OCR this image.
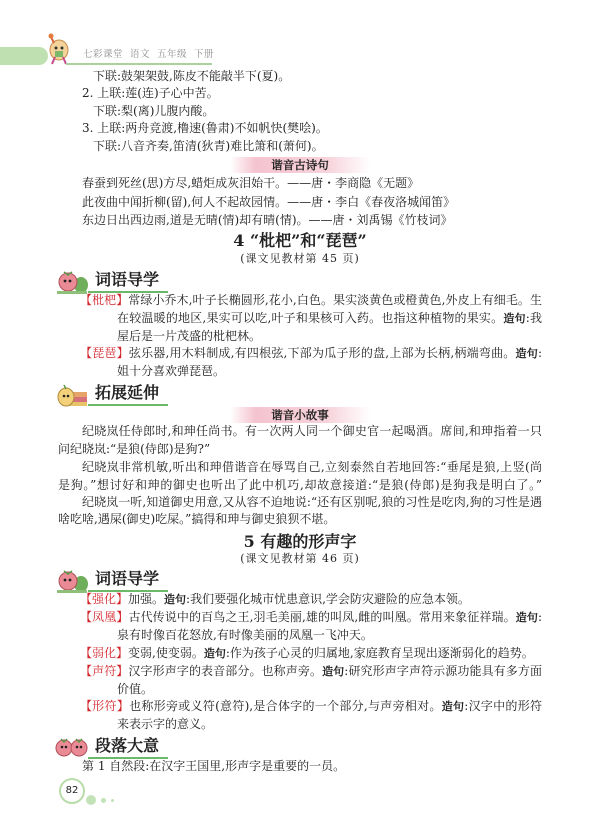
七彩课堂 语文 五年级 下册
下联:鼓架架鼓,陈皮不能敲半下(夏)。
2. 上联:莲(连)子心中苦。
下联:梨(离)儿腹内酸。
3. 上联:两舟竞渡,橹速(鲁肃)不如帆快(樊哙)。
下联:八音齐奏,笛清(狄青)难比箫和(萧何)。
谐音古诗句
春蚕到死丝(思)方尽,蜡炬成灰泪始干。——唐・李商隐《无题》
此夜曲中闻折柳(留),何人不起故园情。——唐・李白《春夜洛城闻笛》
东边日出西边雨,道是无晴(情)却有晴(情)。——唐・刘禹锡《竹枝词》
4 “枇杷”和“琵琶”
(课文见教材第 45 页)
词语导学
【枇杷】常绿小乔木,叶子长椭圆形,花小,白色。果实淡黄色或橙黄色,外皮上有细毛。生
在较温暖的地区,果实可以吃,叶子和果核可入药。也指这种植物的果实。造句:我
屋后是一片茂盛的枇杷林。
【琵琶】弦乐器,用木料制成,有四根弦,下部为瓜子形的盘,上部为长柄,柄端弯曲。造句:
姐十分喜欢弹琵琶。
拓展延伸
谐音小故事
纪晓岚任侍郎时,和珅任尚书。有一次两人同一个御史官一起喝酒。席间,和珅指着一只
问纪晓岚:“是狼(侍郎)是狗?”
纪晓岚非常机敏,听出和珅借谐音在辱骂自己,立刻泰然自若地回答:“垂尾是狼,上竖(尚
是狗。”想讨好和珅的御史也听出了此中机巧,却故意接道:“是狼(侍郎)是狗我是明白了。”
纪晓岚一听,知道御史用意,又从容不迫地说:“还有区别呢,狼的习性是吃肉,狗的习性是遇
啥吃啥,遇屎(御史)吃屎。”搞得和珅与御史狼狈不堪。
5 有趣的形声字
(课文见教材第 46 页)
词语导学
【强化】加强。造句:我们要强化城市忧患意识,学会防灾避险的应急本领。
【凤凰】古代传说中的百鸟之王,羽毛美丽,雄的叫凤,雌的叫凰。常用来象征祥瑞。造句:
泉有时像百花怒放,有时像美丽的凤凰一飞冲天。
【弱化】变弱,使变弱。造句:作为孩子心灵的归属地,家庭教育呈现出逐渐弱化的趋势。
【声符】汉字形声字的表音部分。也称声旁。造句:研究形声字声符示源功能具有多方面
价值。
【形符】也称形旁或义符(意符),是合体字的一个部分,与声旁相对。造句:汉字中的形符
来表示字的意义。
段落大意
第 1 自然段:在汉字王国里,形声字是重要的一员。
82
